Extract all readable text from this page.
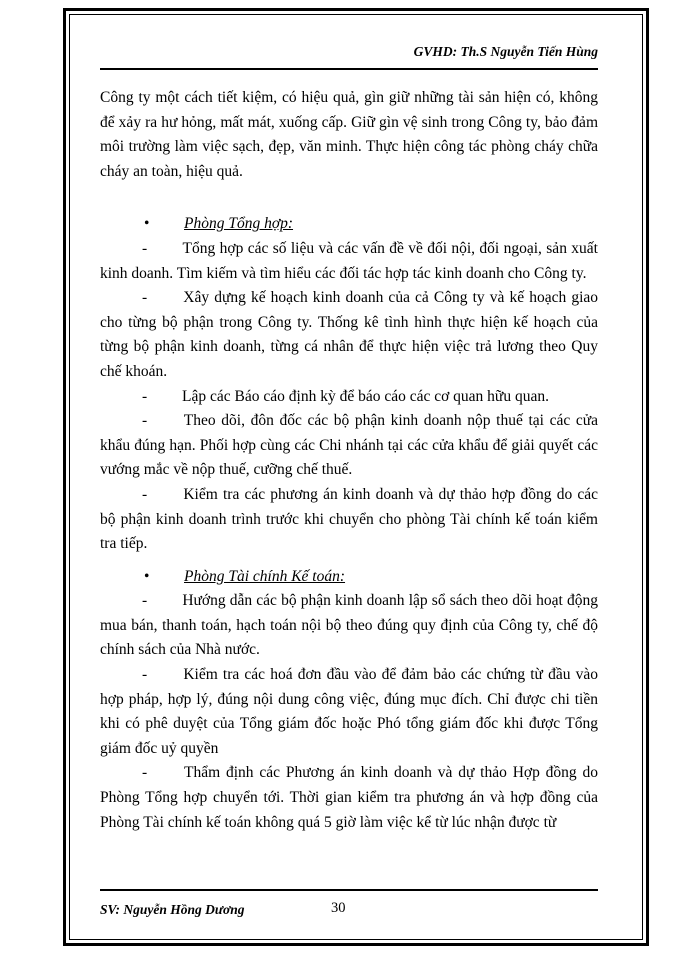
GVHD: Th.S Nguyễn Tiến Hùng

Công ty một cách tiết kiệm, có hiệu quả, gìn giữ những tài sản hiện có, không để xảy ra hư hỏng, mất mát, xuống cấp. Giữ gìn vệ sinh trong Công ty, bảo đảm môi trường làm việc sạch, đẹp, văn minh. Thực hiện công tác phòng cháy chữa cháy an toàn, hiệu quả.

• Phòng Tổng hợp:

-   Tổng hợp các số liệu và các vấn đề về đối nội, đối ngoại, sản xuất kinh doanh. Tìm kiếm và tìm hiểu các đối tác hợp tác kinh doanh cho Công ty.

-   Xây dựng kế hoạch kinh doanh của cả Công ty và kế hoạch giao cho từng bộ phận trong Công ty. Thống kê tình hình thực hiện kế hoạch của từng bộ phận kinh doanh, từng cá nhân để thực hiện việc trả lương theo Quy chế khoán.

-   Lập các Báo cáo định kỳ để báo cáo các cơ quan hữu quan.

-   Theo dõi, đôn đốc các bộ phận kinh doanh nộp thuế tại các cửa khẩu đúng hạn. Phối hợp cùng các Chi nhánh tại các cửa khẩu để giải quyết các vướng mắc về nộp thuế, cưỡng chế thuế.

-   Kiểm tra các phương án kinh doanh và dự thảo hợp đồng do các bộ phận kinh doanh trình trước khi chuyển cho phòng Tài chính kế toán kiểm tra tiếp.

• Phòng Tài chính Kế toán:

-   Hướng dẫn các bộ phận kinh doanh lập sổ sách theo dõi hoạt động mua bán, thanh toán, hạch toán nội bộ theo đúng quy định của Công ty, chế độ chính sách của Nhà nước.

-   Kiểm tra các hoá đơn đầu vào để đảm bảo các chứng từ đầu vào hợp pháp, hợp lý, đúng nội dung công việc, đúng mục đích. Chỉ được chi tiền khi có phê duyệt của Tổng giám đốc hoặc Phó tổng giám đốc khi được Tổng giám đốc uỷ quyền

-   Thẩm định các Phương án kinh doanh và dự thảo Hợp đồng do Phòng Tổng hợp chuyển tới. Thời gian kiểm tra phương án và hợp đồng của Phòng Tài chính kế toán không quá 5 giờ làm việc kể từ lúc nhận được từ

SV: Nguyễn Hồng Dương	30
